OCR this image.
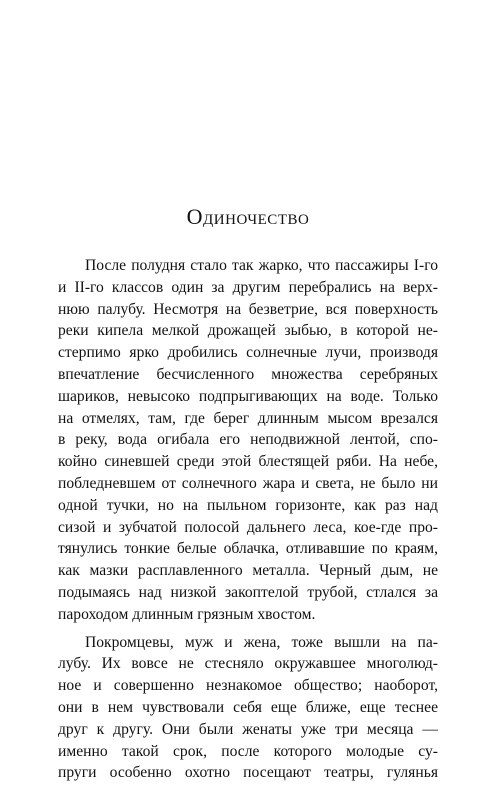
Одиночество
После полудня стало так жарко, что пассажиры I-го
и II-го классов один за другим перебрались на верх-
нюю палубу. Несмотря на безветрие, вся поверхность
реки кипела мелкой дрожащей зыбью, в которой не-
стерпимо ярко дробились солнечные лучи, производя
впечатление бесчисленного множества серебряных
шариков, невысоко подпрыгивающих на воде. Только
на отмелях, там, где берег длинным мысом врезался
в реку, вода огибала его неподвижной лентой, спо-
койно синевшей среди этой блестящей ряби. На небе,
побледневшем от солнечного жара и света, не было ни
одной тучки, но на пыльном горизонте, как раз над
сизой и зубчатой полосой дальнего леса, кое-где про-
тянулись тонкие белые облачка, отливавшие по краям,
как мазки расплавленного металла. Черный дым, не
подымаясь над низкой закоптелой трубой, стлался за
пароходом длинным грязным хвостом.
Покромцевы, муж и жена, тоже вышли на па-
лубу. Их вовсе не стесняло окружавшее многолюд-
ное и совершенно незнакомое общество; наоборот,
они в нем чувствовали себя еще ближе, еще теснее
друг к другу. Они были женаты уже три месяца —
именно такой срок, после которого молодые су-
пруги особенно охотно посещают театры, гулянья
